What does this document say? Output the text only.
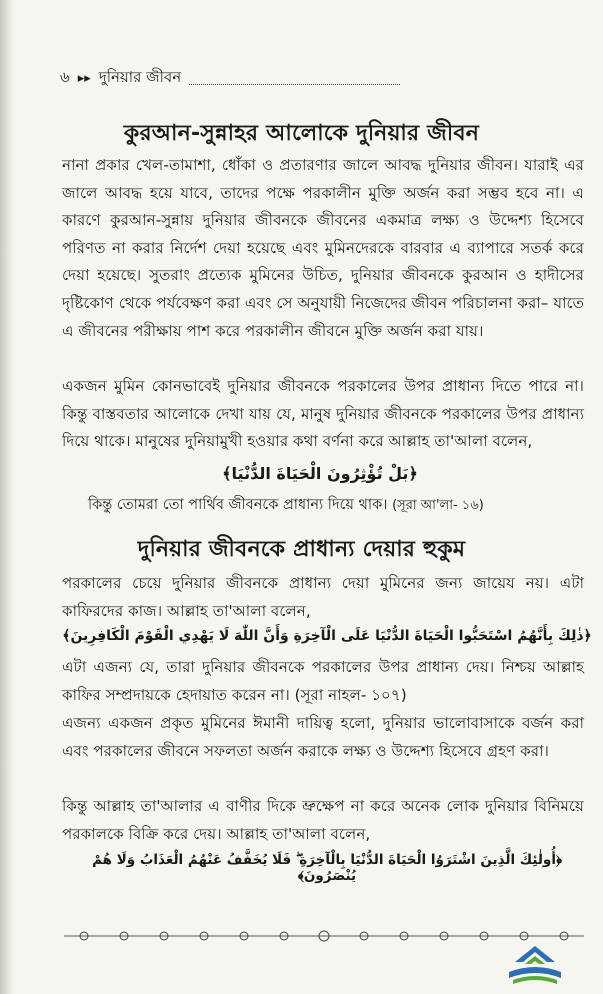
৬ ▸▸ দুনিয়ার জীবন
কুরআন-সুন্নাহর আলোকে দুনিয়ার জীবন

নানা প্রকার খেল-তামাশা, ধোঁকা ও প্রতারণার জালে আবদ্ধ দুনিয়ার জীবন। যারাই এর জালে আবদ্ধ হয়ে যাবে, তাদের পক্ষে পরকালীন মুক্তি অর্জন করা সম্ভব হবে না। এ কারণে কুরআন-সুন্নায় দুনিয়ার জীবনকে জীবনের একমাত্র লক্ষ্য ও উদ্দেশ্য হিসেবে পরিণত না করার নির্দেশ দেয়া হয়েছে এবং মুমিনদেরকে বারবার এ ব্যাপারে সতর্ক করে দেয়া হয়েছে। সুতরাং প্রত্যেক মুমিনের উচিত, দুনিয়ার জীবনকে কুরআন ও হাদীসের দৃষ্টিকোণ থেকে পর্যবেক্ষণ করা এবং সে অনুযায়ী নিজেদের জীবন পরিচালনা করা– যাতে এ জীবনের পরীক্ষায় পাশ করে পরকালীন জীবনে মুক্তি অর্জন করা যায়।

একজন মুমিন কোনভাবেই দুনিয়ার জীবনকে পরকালের উপর প্রাধান্য দিতে পারে না। কিন্তু বাস্তবতার আলোকে দেখা যায় যে, মানুষ দুনিয়ার জীবনকে পরকালের উপর প্রাধান্য দিয়ে থাকে। মানুষের দুনিয়ামুখী হওয়ার কথা বর্ণনা করে আল্লাহ তা'আলা বলেন,

﴿بَلْ تُؤْثِرُونَ الْحَيَاةَ الدُّنْيَا﴾
কিন্তু তোমরা তো পার্থিব জীবনকে প্রাধান্য দিয়ে থাক। (সূরা আ'লা- ১৬)
দুনিয়ার জীবনকে প্রাধান্য দেয়ার হুকুম

পরকালের চেয়ে দুনিয়ার জীবনকে প্রাধান্য দেয়া মুমিনের জন্য জায়েয নয়। এটা কাফিরদের কাজ। আল্লাহ তা'আলা বলেন,

﴿ذٰلِكَ بِأَنَّهُمُ اسْتَحَبُّوا الْحَيَاةَ الدُّنْيَا عَلَى الْآخِرَةِ وَأَنَّ اللّٰهَ لَا يَهْدِي الْقَوْمَ الْكَافِرِينَ﴾

এটা এজন্য যে, তারা দুনিয়ার জীবনকে পরকালের উপর প্রাধান্য দেয়। নিশ্চয় আল্লাহ কাফির সম্প্রদায়কে হেদায়াত করেন না। (সূরা নাহল- ১০৭)

এজন্য একজন প্রকৃত মুমিনের ঈমানী দায়িত্ব হলো, দুনিয়ার ভালোবাসাকে বর্জন করা এবং পরকালের জীবনে সফলতা অর্জন করাকে লক্ষ্য ও উদ্দেশ্য হিসেবে গ্রহণ করা।

কিন্তু আল্লাহ তা'আলার এ বাণীর দিকে ভ্রুক্ষেপ না করে অনেক লোক দুনিয়ার বিনিময়ে পরকালকে বিক্রি করে দেয়। আল্লাহ তা'আলা বলেন,

﴿أُولٰئِكَ الَّذِينَ اشْتَرَوُا الْحَيَاةَ الدُّنْيَا بِالْآخِرَةِ ۖ فَلَا يُخَفَّفُ عَنْهُمُ الْعَذَابُ وَلَا هُمْ يُنْصَرُونَ﴾
